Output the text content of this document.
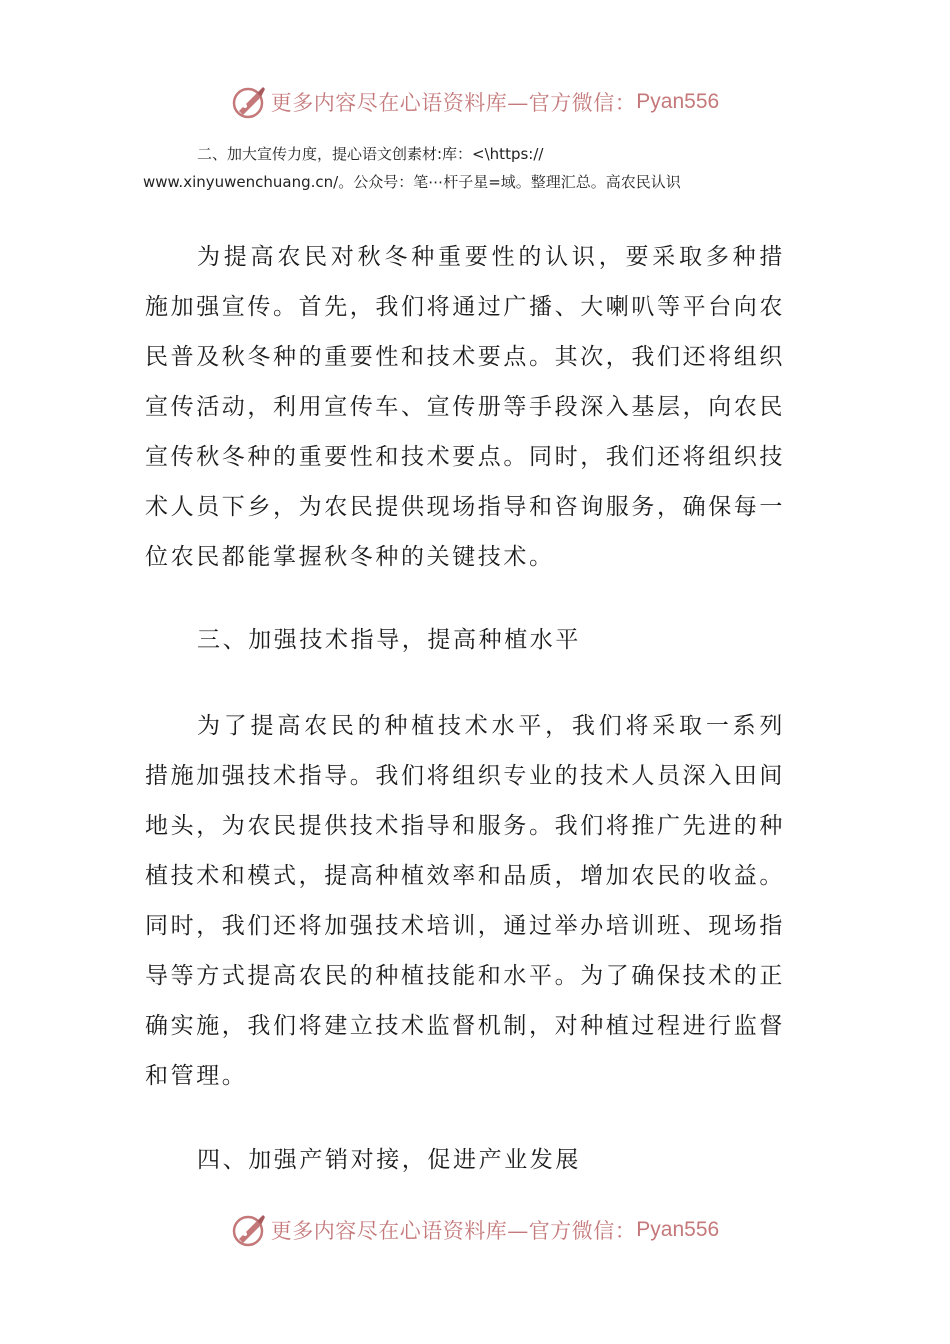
更多内容尽在心语资料库—官方微信： Pyan556
二、加大宣传力度，提心语文创素材:库：<\https://
www.xinyuwenchuang.cn/。公众号：笔⋯杆子星=域。整理汇总。高农民认识

为提高农民对秋冬种重要性的认识，要采取多种措施加强宣传。首先，我们将通过广播、大喇叭等平台向农民普及秋冬种的重要性和技术要点。其次，我们还将组织宣传活动，利用宣传车、宣传册等手段深入基层，向农民宣传秋冬种的重要性和技术要点。同时，我们还将组织技术人员下乡，为农民提供现场指导和咨询服务，确保每一位农民都能掌握秋冬种的关键技术。

三、加强技术指导，提高种植水平

为了提高农民的种植技术水平，我们将采取一系列措施加强技术指导。我们将组织专业的技术人员深入田间地头，为农民提供技术指导和服务。我们将推广先进的种植技术和模式，提高种植效率和品质，增加农民的收益。同时，我们还将加强技术培训，通过举办培训班、现场指导等方式提高农民的种植技能和水平。为了确保技术的正确实施，我们将建立技术监督机制，对种植过程进行监督和管理。

四、加强产销对接，促进产业发展

更多内容尽在心语资料库—官方微信： Pyan556
